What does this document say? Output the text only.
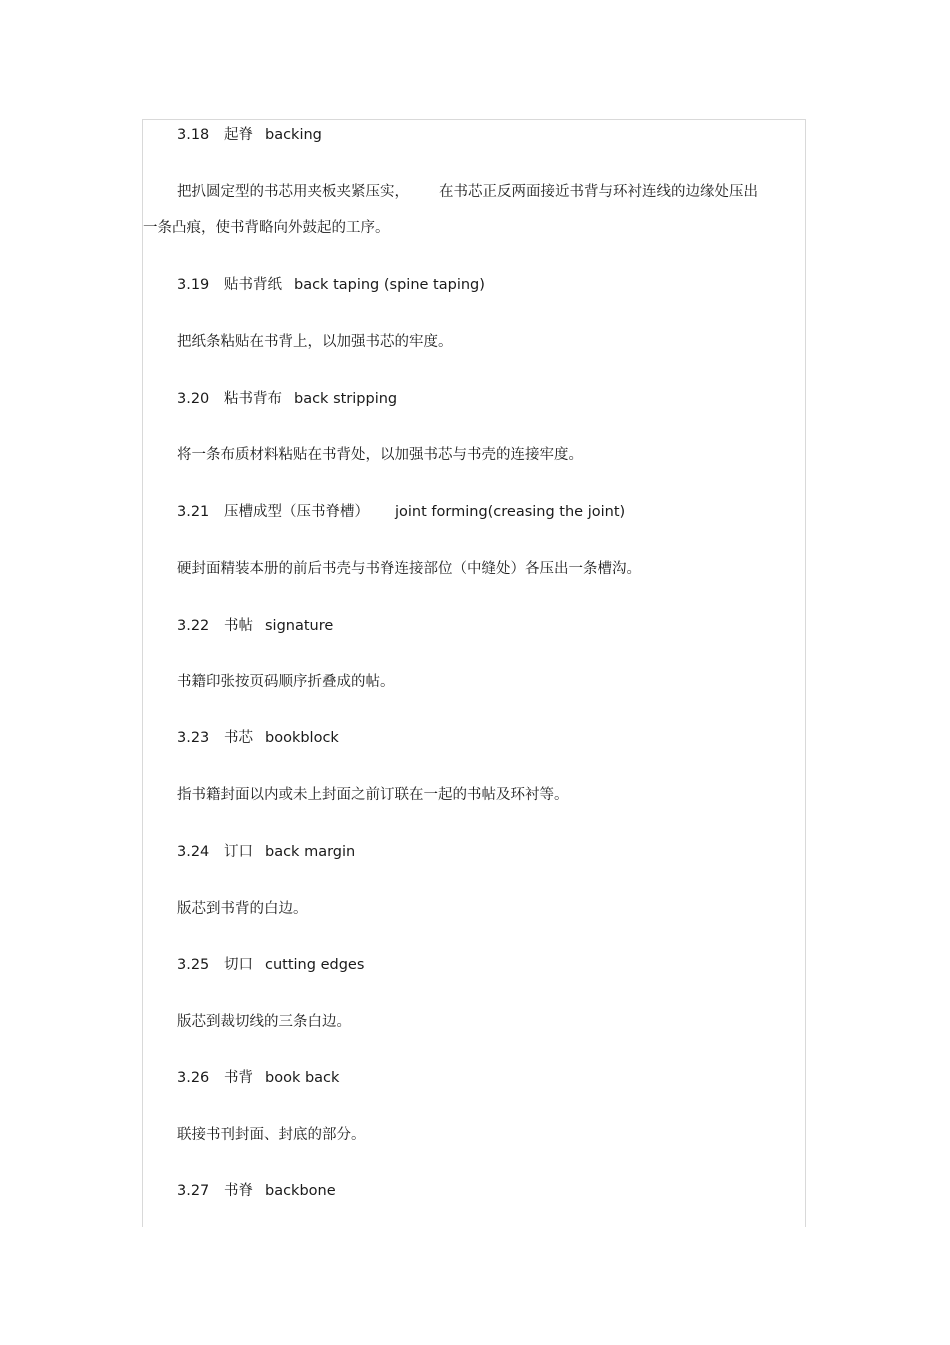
3.18 起脊 backing
把扒圆定型的书芯用夹板夹紧压实， 在书芯正反两面接近书背与环衬连线的边缘处压出
一条凸痕，使书背略向外鼓起的工序。
3.19 贴书背纸 back taping (spine taping)
把纸条粘贴在书背上，以加强书芯的牢度。
3.20 粘书背布 back stripping
将一条布质材料粘贴在书背处，以加强书芯与书壳的连接牢度。
3.21 压槽成型（压书脊槽） joint forming(creasing the joint)
硬封面精装本册的前后书壳与书脊连接部位（中缝处）各压出一条槽沟。
3.22 书帖 signature
书籍印张按页码顺序折叠成的帖。
3.23 书芯 bookblock
指书籍封面以内或未上封面之前订联在一起的书帖及环衬等。
3.24 订口 back margin
版芯到书背的白边。
3.25 切口 cutting edges
版芯到裁切线的三条白边。
3.26 书背 book back
联接书刊封面、封底的部分。
3.27 书脊 backbone
